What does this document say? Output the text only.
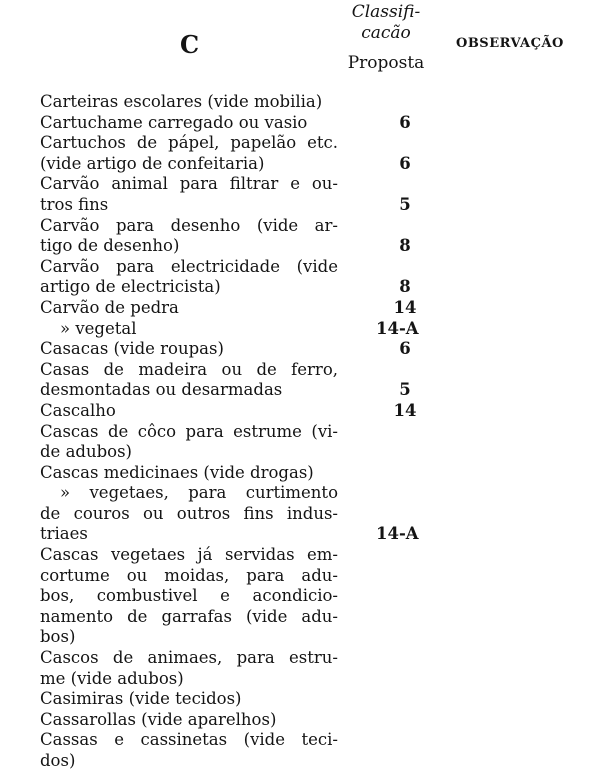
C
Classifi-
cacão
Proposta
OBSERVAÇÃO
Carteiras escolares (vide mobilia)
Cartuchame carregado ou vasio	6
Cartuchos de pápel, papelão etc.
(vide artigo de confeitaria)	6
Carvão animal para filtrar e ou-
tros fins	5
Carvão para desenho (vide ar-
tigo de desenho)	8
Carvão para electricidade (vide
artigo de electricista)	8
Carvão de pedra	14
» vegetal	14-A
Casacas (vide roupas)	6
Casas de madeira ou de ferro,
desmontadas ou desarmadas	5
Cascalho	14
Cascas de côco para estrume (vi-
de adubos)
Cascas medicinaes (vide drogas)
» vegetaes, para curtimento
de couros ou outros fins indus-
triaes	14-A
Cascas vegetaes já servidas em-
cortume ou moidas, para adu-
bos, combustivel e acondicio-
namento de garrafas (vide adu-
bos)
Cascos de animaes, para estru-
me (vide adubos)
Casimiras (vide tecidos)
Cassarollas (vide aparelhos)
Cassas e cassinetas (vide teci-
dos)
